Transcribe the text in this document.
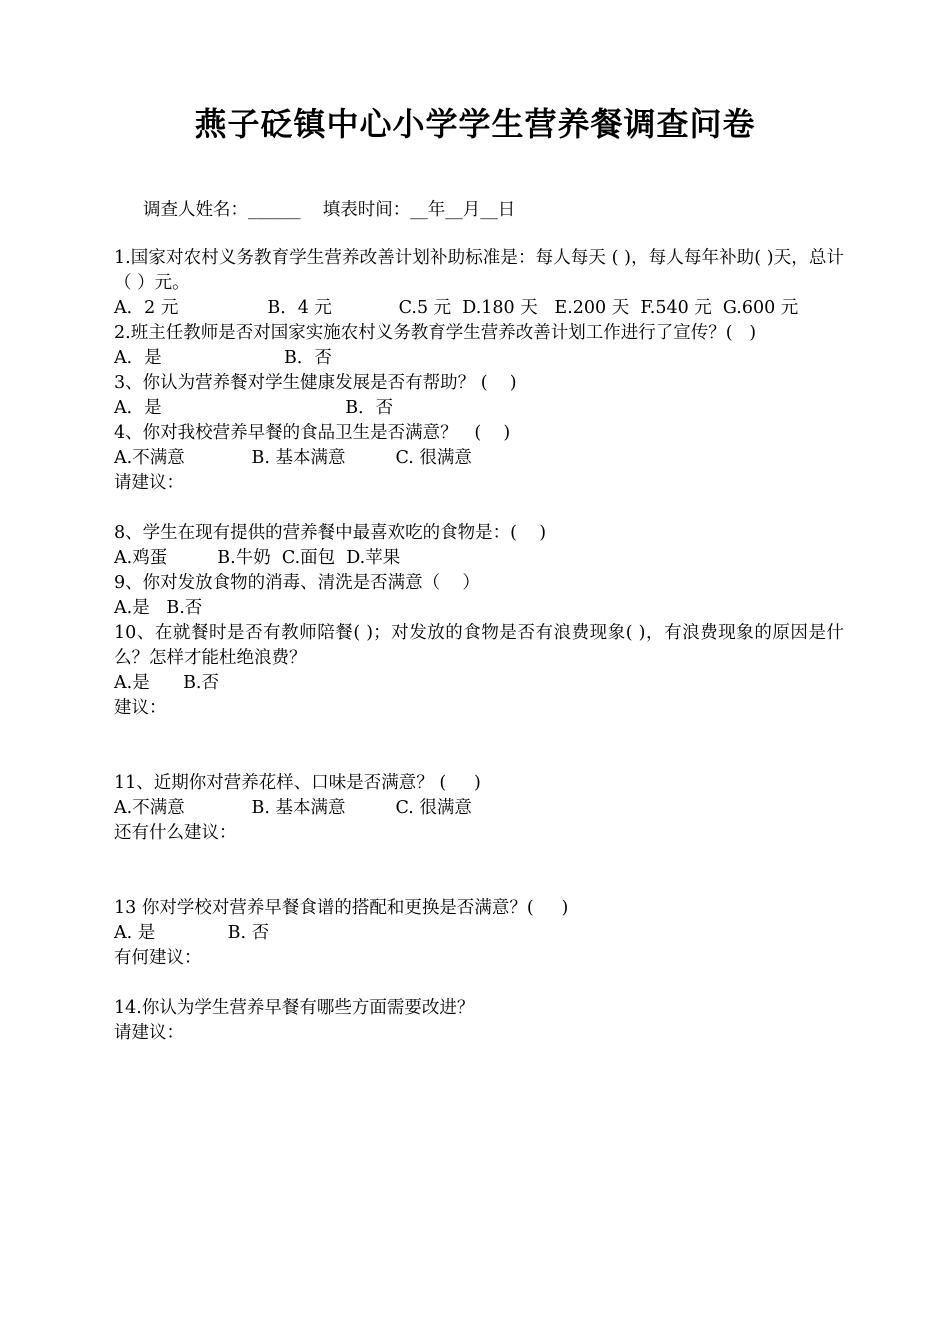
燕子砭镇中心小学学生营养餐调查问卷
调查人姓名：______    填表时间：__年__月__日
1.国家对农村义务教育学生营养改善计划补助标准是：每人每天 ( )，每人每年补助( )天，总计（ ）元。
A．2 元                B．4 元            C.5 元  D.180 天   E.200 天  F.540 元  G.600 元
2.班主任教师是否对国家实施农村义务教育学生营养改善计划工作进行了宣传？(   )
A．是                      B．否
3、你认为营养餐对学生健康发展是否有帮助？ (    )
A．是                                 B．否
4、你对我校营养早餐的食品卫生是否满意？   (    )
A.不满意            B. 基本满意         C. 很满意
请建议：
8、学生在现有提供的营养餐中最喜欢吃的食物是：(    )
A.鸡蛋         B.牛奶  C.面包  D.苹果
9、你对发放食物的消毒、清洗是否满意（    ）
A.是   B.否
10、在就餐时是否有教师陪餐( )；对发放的食物是否有浪费现象( )，有浪费现象的原因是什么？怎样才能杜绝浪费？
A.是      B.否
建议：
11、近期你对营养花样、口味是否满意？ (     )
A.不满意            B. 基本满意         C. 很满意
还有什么建议：
13 你对学校对营养早餐食谱的搭配和更换是否满意？(     )
A. 是             B. 否
有何建议：
14.你认为学生营养早餐有哪些方面需要改进？
请建议：
